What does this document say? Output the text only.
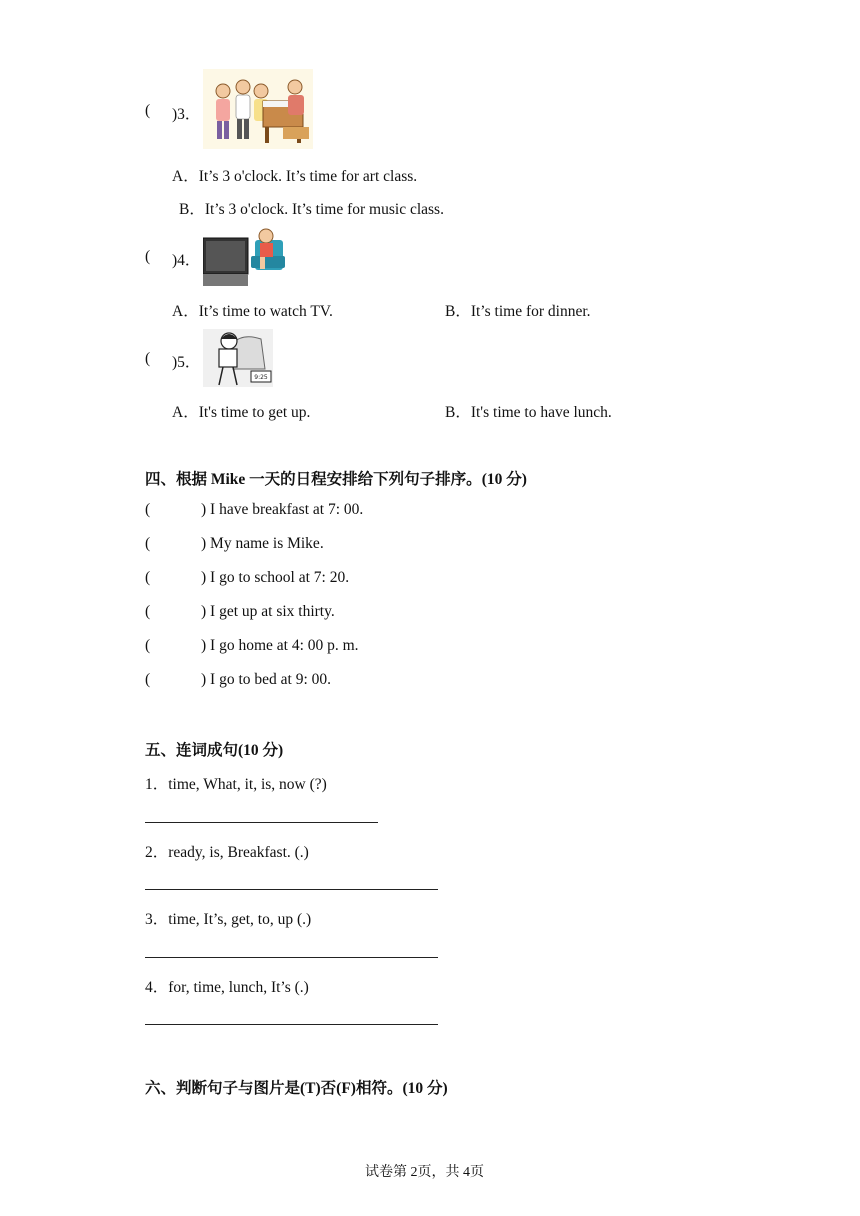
( )3．
A．It’s 3 o'clock. It’s time for art class.
B．It’s 3 o'clock. It’s time for music class.
( )4．
A．It’s time to watch TV.	B．It’s time for dinner.
( )5．
9:25
A．It's time to get up.	B．It's time to have lunch.
四、根据 Mike 一天的日程安排给下列句子排序。(10 分)
(	) I have breakfast at 7: 00.
(	) My name is Mike.
(	) I go to school at 7: 20.
(	) I get up at six thirty.
(	) I go home at 4: 00 p. m.
(	) I go to bed at 9: 00.
五、连词成句(10 分)
1．time, What, it, is, now (?)
2．ready, is, Breakfast. (.)
3．time, It’s, get, to, up (.)
4．for, time, lunch, It’s (.)
六、判断句子与图片是(T)否(F)相符。(10 分)
试卷第 2页，共 4页
